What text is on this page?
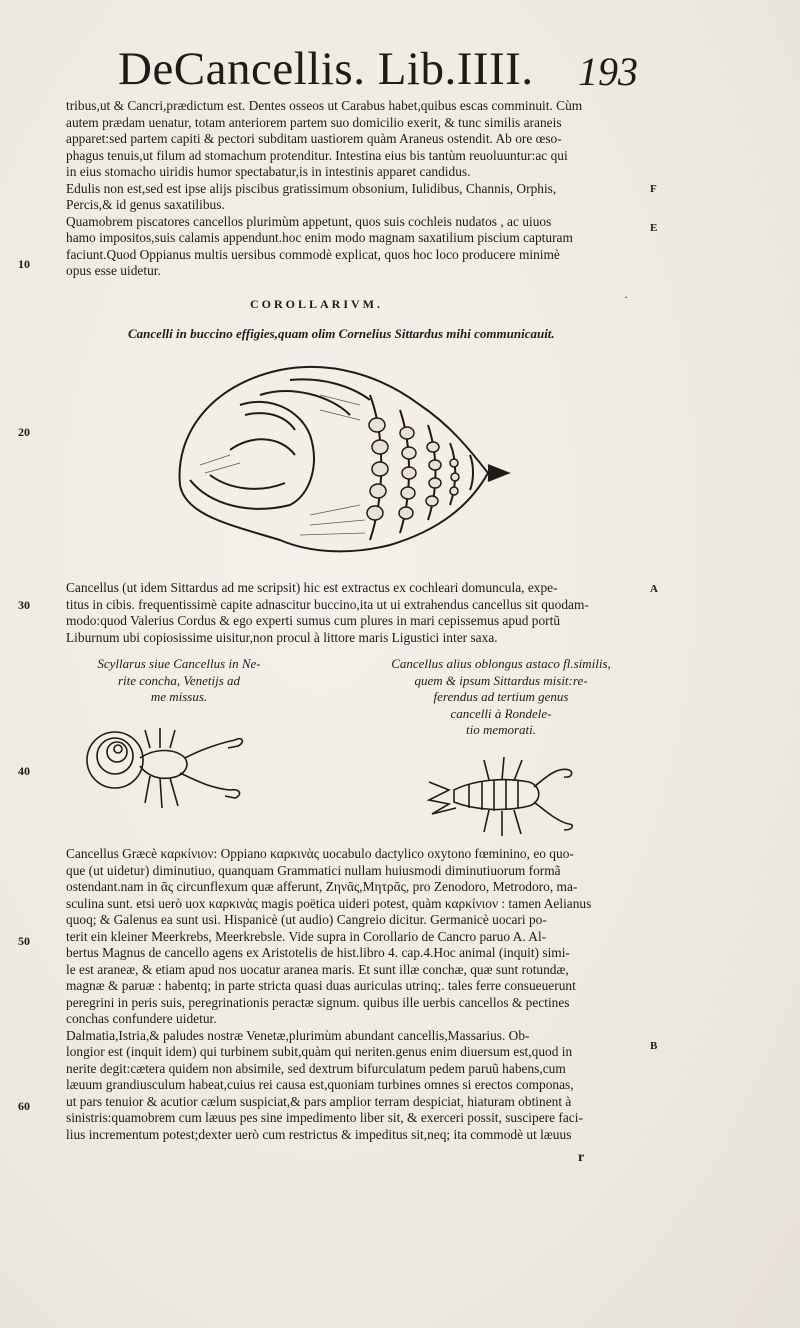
DeCancellis. Lib.IIII. 193
tribus,ut & Cancri,prædictum est. Dentes osseos ut Carabus habet,quibus escas comminuit. Cùm
autem prædam uenatur, totam anteriorem partem suo domicilio exerit, & tunc similis araneis
apparet:sed partem capiti & pectori subditam uastiorem quàm Araneus ostendit. Ab ore œso-
phagus tenuis,ut filum ad stomachum protenditur. Intestina eius bis tantùm reuoluuntur:ac qui
in eius stomacho uiridis humor spectabatur,is in intestinis apparet candidus.
Edulis non est,sed est ipse alijs piscibus gratissimum obsonium, Iulidibus, Channis, Orphis,
Percis,& id genus saxatilibus.
Quamobrem piscatores cancellos plurimùm appetunt, quos suis cochleis nudatos , ac uiuos
hamo impositos,suis calamis appendunt.hoc enim modo magnam saxatilium piscium capturam
faciunt.Quod Oppianus multis uersibus commodè explicat, quos hoc loco producere minimè
opus esse uidetur.
F
E
10
20
A
30
40
50
B
60
·
COROLLARIVM.
Cancelli in buccino effigies,quam olim Cornelius Sittardus mihi communicauit.
Cancellus (ut idem Sittardus ad me scripsit) hic est extractus ex cochleari domuncula, expe-
titus in cibis. frequentissimè capite adnascitur buccino,ita ut ui extrahendus cancellus sit quodam-
modo:quod Valerius Cordus & ego experti sumus cum plures in mari cepissemus apud portũ
Liburnum ubi copiosissime uisitur,non procul à littore maris Ligustici inter saxa.
Scyllarus siue Cancellus in Ne-
rite concha, Venetijs ad
me missus.
Cancellus alius oblongus astaco fl.similis,
quem & ipsum Sittardus misit:re-
ferendus ad tertium genus
cancelli à Rondele-
tio memorati.
Cancellus Græcè καρκίνιον: Oppiano καρκινὰς uocabulo dactylico oxytono fœminino, eo quo-
que (ut uidetur) diminutiuo, quanquam Grammatici nullam huiusmodi diminutiuorum formã
ostendant.nam in ᾶς circunflexum quæ afferunt, Ζηνᾶς,Μητρᾶς, pro Zenodoro, Metrodoro, ma-
sculina sunt. etsi uerò uox καρκινὰς magis poëtica uideri potest, quàm καρκίνιον : tamen Aelianus
quoq; & Galenus ea sunt usi. Hispanicè (ut audio) Cangreio dicitur. Germanicè uocari po-
terit ein kleiner Meerkrebs, Meerkrebsle. Vide supra in Corollario de Cancro paruo A. Al-
bertus Magnus de cancello agens ex Aristotelis de hist.libro 4. cap.4.Hoc animal (inquit) simi-
le est araneæ, & etiam apud nos uocatur aranea maris. Et sunt illæ conchæ, quæ sunt rotundæ,
magnæ & paruæ : habentq; in parte stricta quasi duas auriculas utrinq;. tales ferre consueuerunt
peregrini in peris suis, peregrinationis peractæ signum. quibus ille uerbis cancellos & pectines
conchas confundere uidetur.
Dalmatia,Istria,& paludes nostræ Venetæ,plurimùm abundant cancellis,Massarius. Ob-
longior est (inquit idem) qui turbinem subit,quàm qui neriten.genus enim diuersum est,quod in
nerite degit:cætera quidem non absimile, sed dextrum bifurculatum pedem paruũ habens,cum
læuum grandiusculum habeat,cuius rei causa est,quoniam turbines omnes si erectos componas,
ut pars tenuior & acutior cælum suspiciat,& pars amplior terram despiciat, hiaturam obtinent à
sinistris:quamobrem cum læuus pes sine impedimento liber sit, & exerceri possit, suscipere faci-
lius incrementum potest;dexter uerò cum restrictus & impeditus sit,neq; ita commodè ut læuus
r
